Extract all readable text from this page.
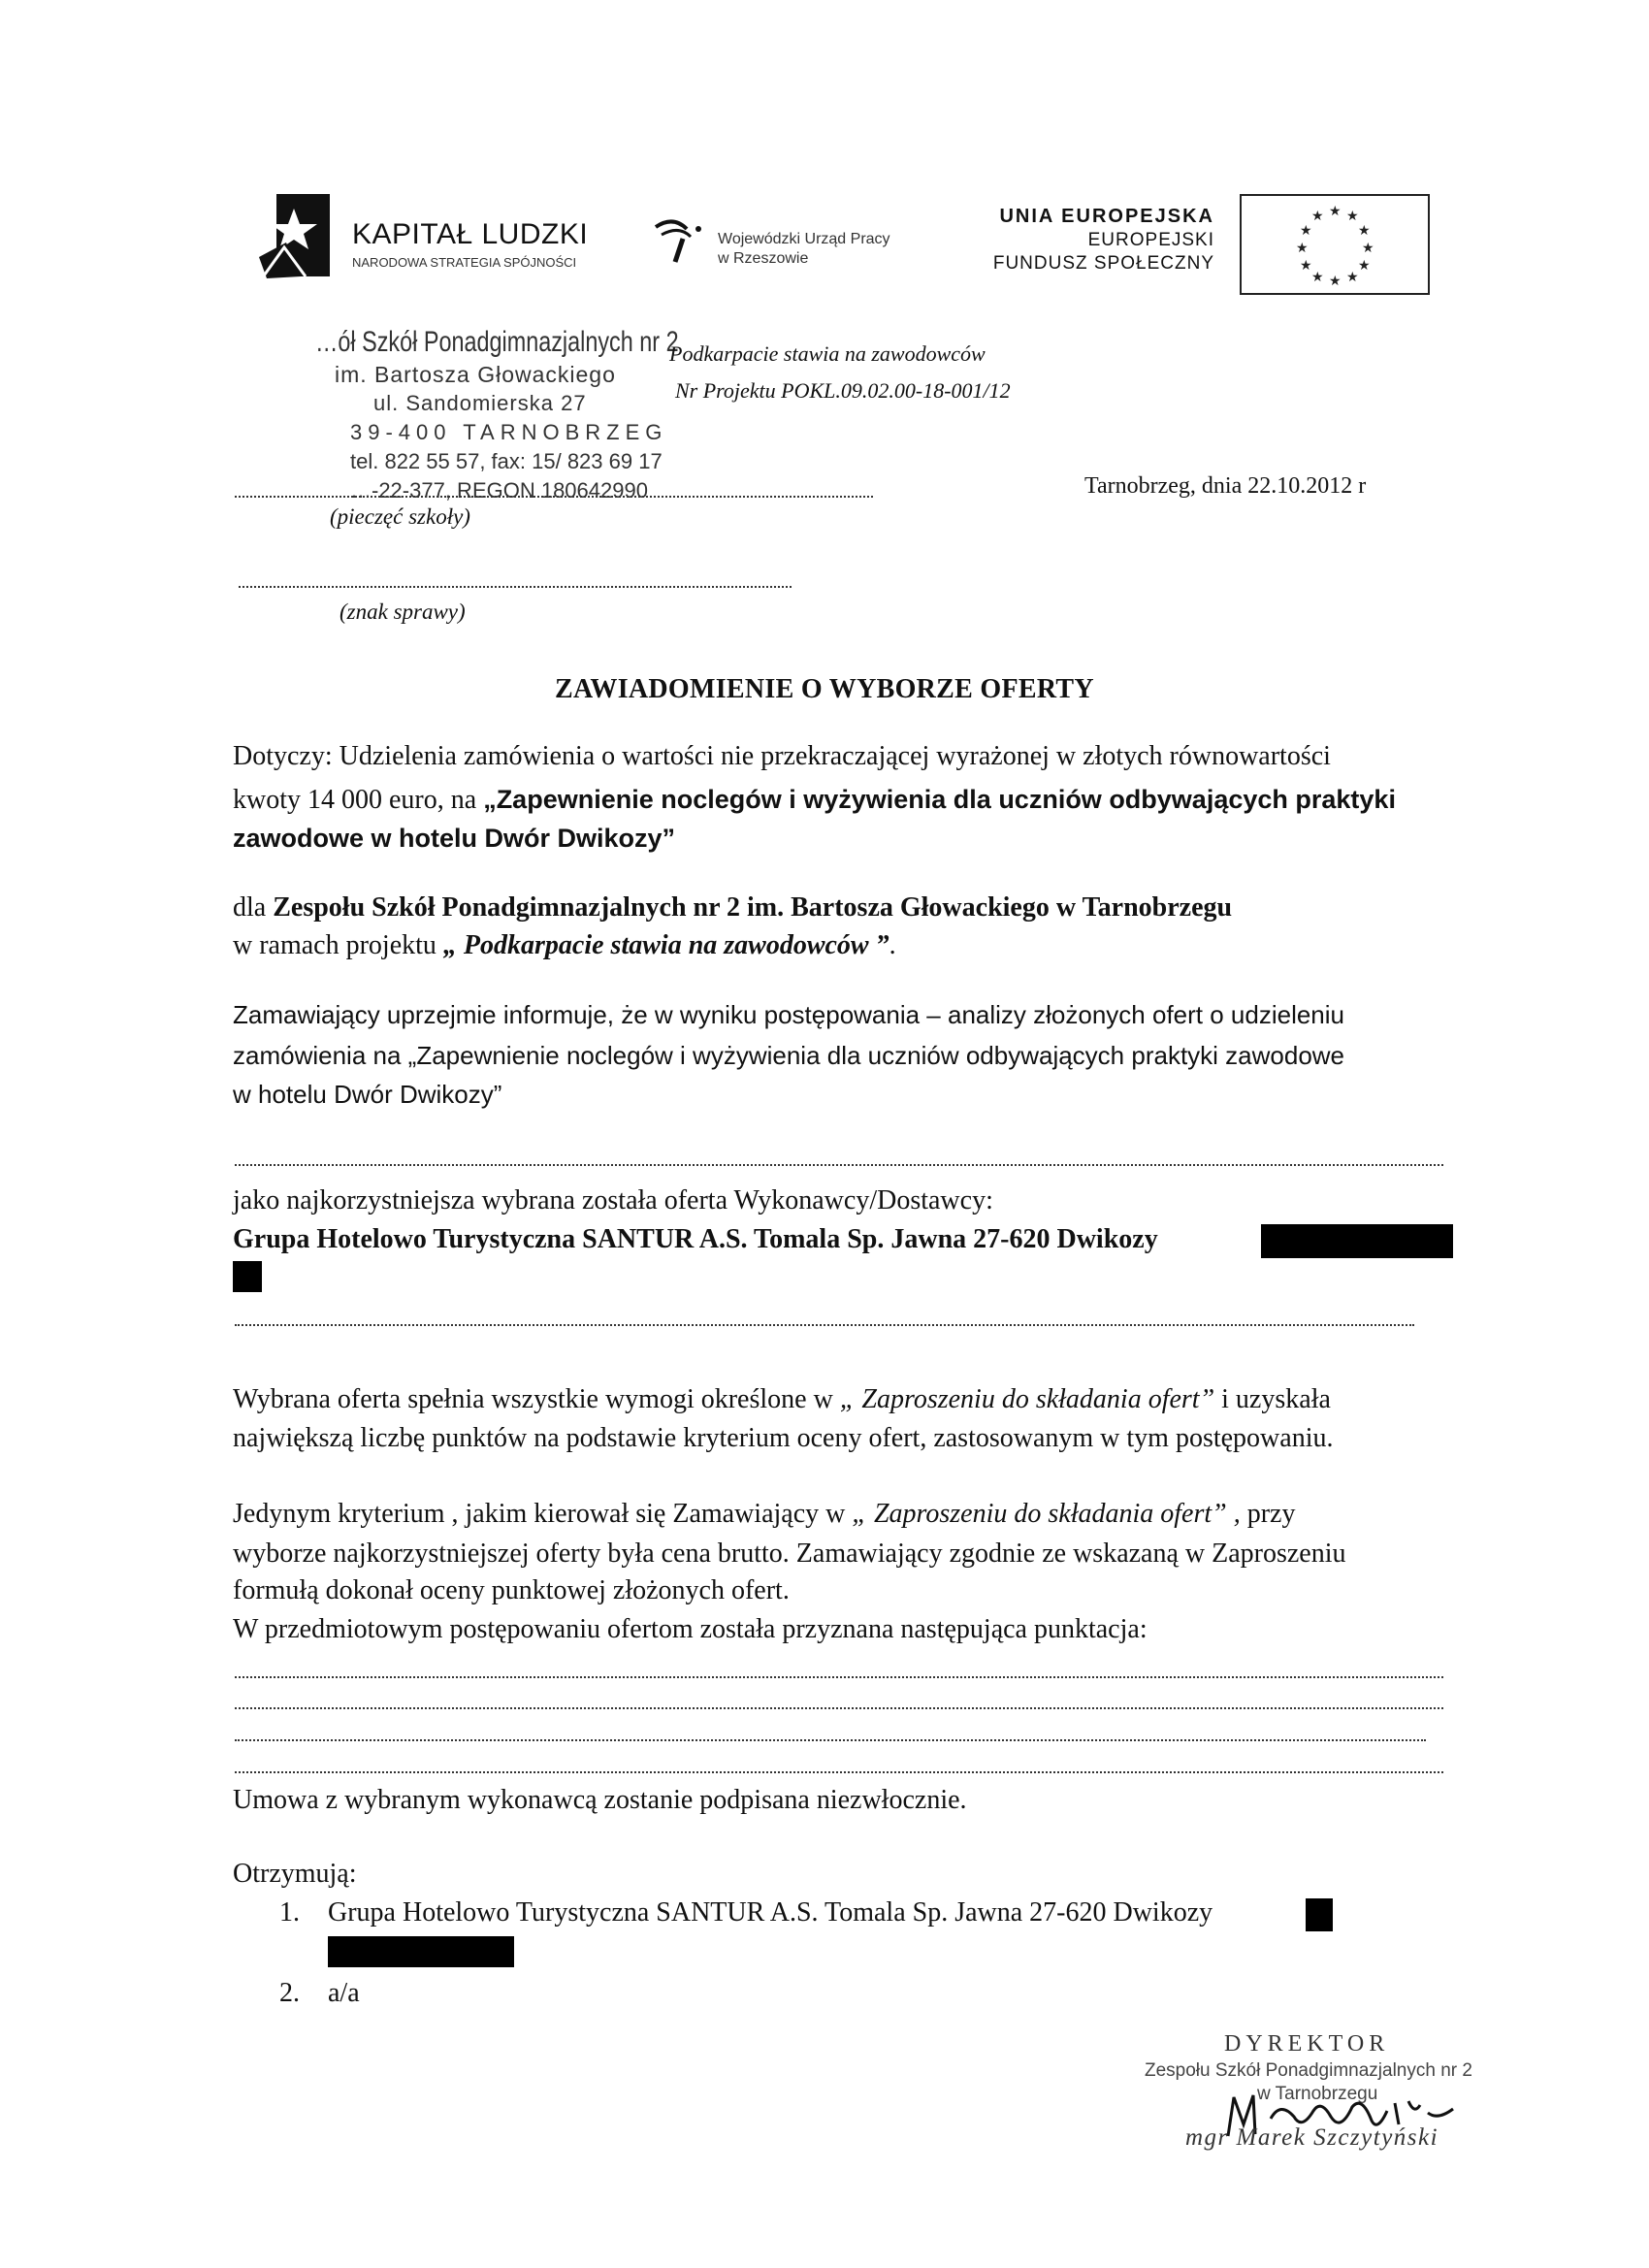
KAPITAŁ LUDZKI
NARODOWA STRATEGIA SPÓJNOŚCI
Wojewódzki Urząd Pracy
w Rzeszowie
UNIA EUROPEJSKA
EUROPEJSKI
FUNDUSZ SPOŁECZNY
★ ★
★
★
★
★
★
★
★
★
★
★
…ół Szkół Ponadgimnazjalnych nr 2
im. Bartosza Głowackiego
ul. Sandomierska 27
39-400 TARNOBRZEG
tel. 822 55 57, fax: 15/ 823 69 17
…-22-377, REGON 180642990
Podkarpacie stawia na zawodowców
Nr Projektu POKL.09.02.00-18-001/12
(pieczęć szkoły)
Tarnobrzeg, dnia 22.10.2012 r
(znak sprawy)
ZAWIADOMIENIE O WYBORZE OFERTY
Dotyczy: Udzielenia zamówienia o wartości nie przekraczającej wyrażonej w złotych równowartości
kwoty 14 000 euro, na „Zapewnienie noclegów i wyżywienia dla uczniów odbywających praktyki
zawodowe w hotelu Dwór Dwikozy”
dla Zespołu Szkół Ponadgimnazjalnych nr 2 im. Bartosza Głowackiego w Tarnobrzegu
w ramach projektu „ Podkarpacie stawia na zawodowców ”.
Zamawiający uprzejmie informuje, że w wyniku postępowania – analizy złożonych ofert o udzieleniu
zamówienia na „Zapewnienie noclegów i wyżywienia dla uczniów odbywających praktyki zawodowe
w hotelu Dwór Dwikozy”
jako najkorzystniejsza wybrana została oferta Wykonawcy/Dostawcy:
Grupa Hotelowo Turystyczna SANTUR A.S. Tomala Sp. Jawna 27-620 Dwikozy
Wybrana oferta spełnia wszystkie wymogi określone w „ Zaproszeniu do składania ofert” i uzyskała
największą liczbę punktów na podstawie kryterium oceny ofert, zastosowanym w tym postępowaniu.
Jedynym kryterium , jakim kierował się Zamawiający w „ Zaproszeniu do składania ofert” , przy
wyborze najkorzystniejszej oferty była cena brutto. Zamawiający zgodnie ze wskazaną w Zaproszeniu
formułą dokonał oceny punktowej złożonych ofert.
W przedmiotowym postępowaniu ofertom została przyznana następująca punktacja:
Umowa z wybranym wykonawcą zostanie podpisana niezwłocznie.
Otrzymują:
1. Grupa Hotelowo Turystyczna SANTUR A.S. Tomala Sp. Jawna 27-620 Dwikozy
2. a/a
DYREKTOR
Zespołu Szkół Ponadgimnazjalnych nr 2
w Tarnobrzegu
mgr Marek Szczytyński
